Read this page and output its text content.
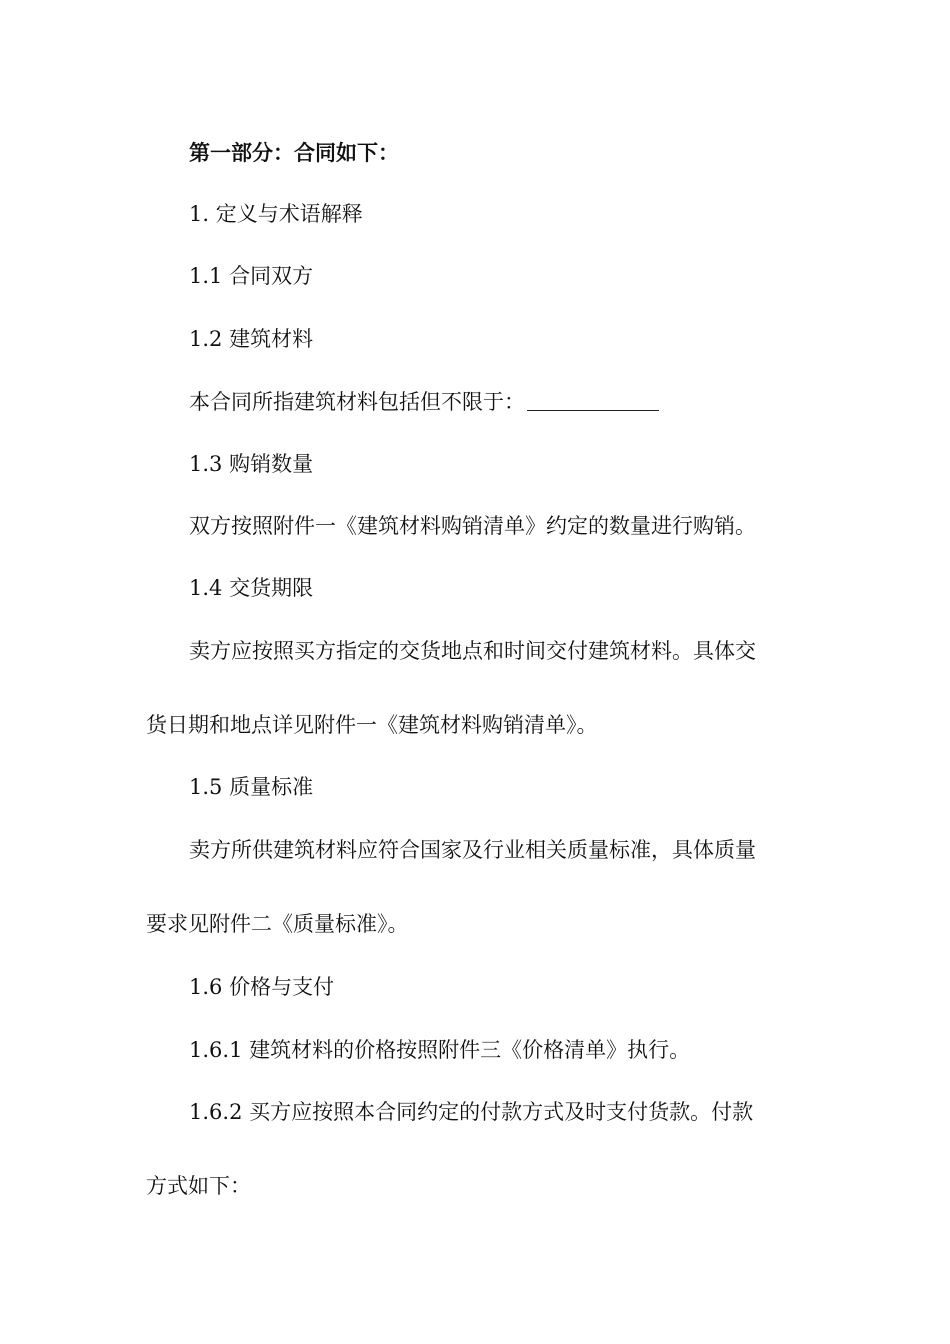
第一部分：合同如下：
1. 定义与术语解释
1.1 合同双方
1.2 建筑材料
本合同所指建筑材料包括但不限于：
1.3 购销数量
双方按照附件一《建筑材料购销清单》约定的数量进行购销。
1.4 交货期限
卖方应按照买方指定的交货地点和时间交付建筑材料。具体交
货日期和地点详见附件一《建筑材料购销清单》。
1.5 质量标准
卖方所供建筑材料应符合国家及行业相关质量标准，具体质量
要求见附件二《质量标准》。
1.6 价格与支付
1.6.1 建筑材料的价格按照附件三《价格清单》执行。
1.6.2 买方应按照本合同约定的付款方式及时支付货款。付款
方式如下：
